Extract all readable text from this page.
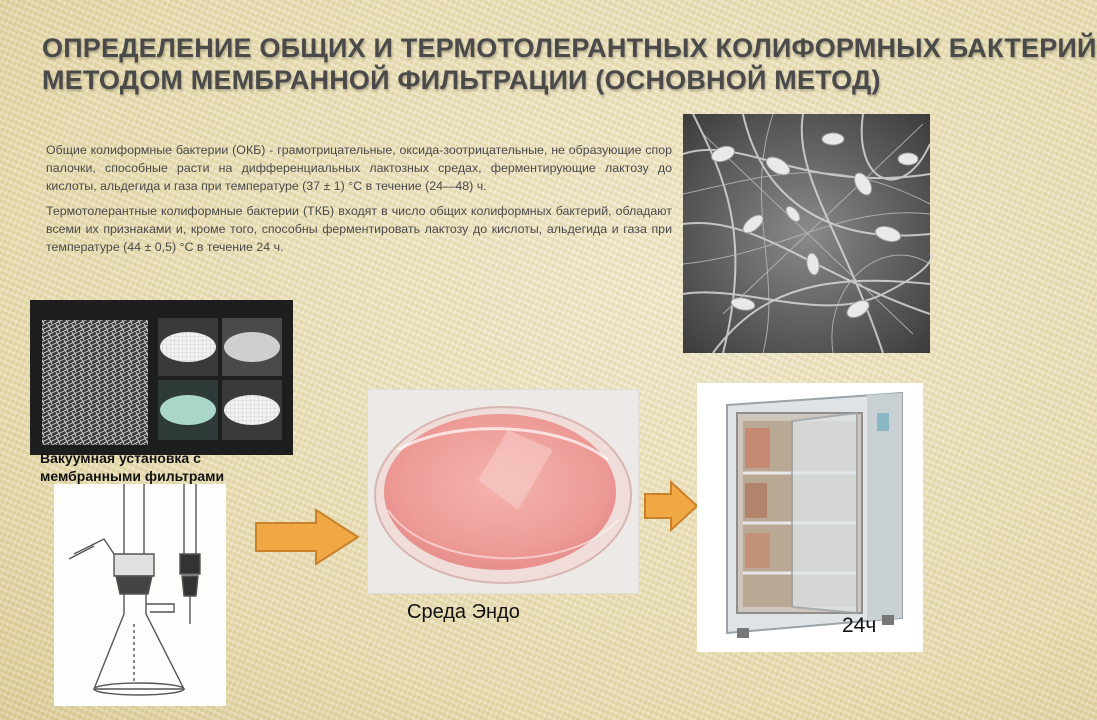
ОПРЕДЕЛЕНИЕ ОБЩИХ И ТЕРМОТОЛЕРАНТНЫХ КОЛИФОРМНЫХ БАКТЕРИЙ
МЕТОДОМ МЕМБРАННОЙ ФИЛЬТРАЦИИ (ОСНОВНОЙ МЕТОД)

Общие колиформные бактерии (ОКБ) - грамотрицательные, оксида-зоотрицательные, не образующие спор палочки, способные расти на дифференциальных лактозных средах, ферментирующие лактозу до кислоты, альдегида и газа при температуре (37 ± 1) °С в течение (24—48) ч.

Термотолерантные колиформные бактерии (ТКБ) входят в число общих колиформных бактерий, обладают всеми их признаками и, кроме того, способны ферментировать лактозу до кислоты, альдегида и газа при температуре (44 ± 0,5) °С в течение 24 ч.

Вакуумная установка с мембранными фильтрами
Среда Эндо
24ч
